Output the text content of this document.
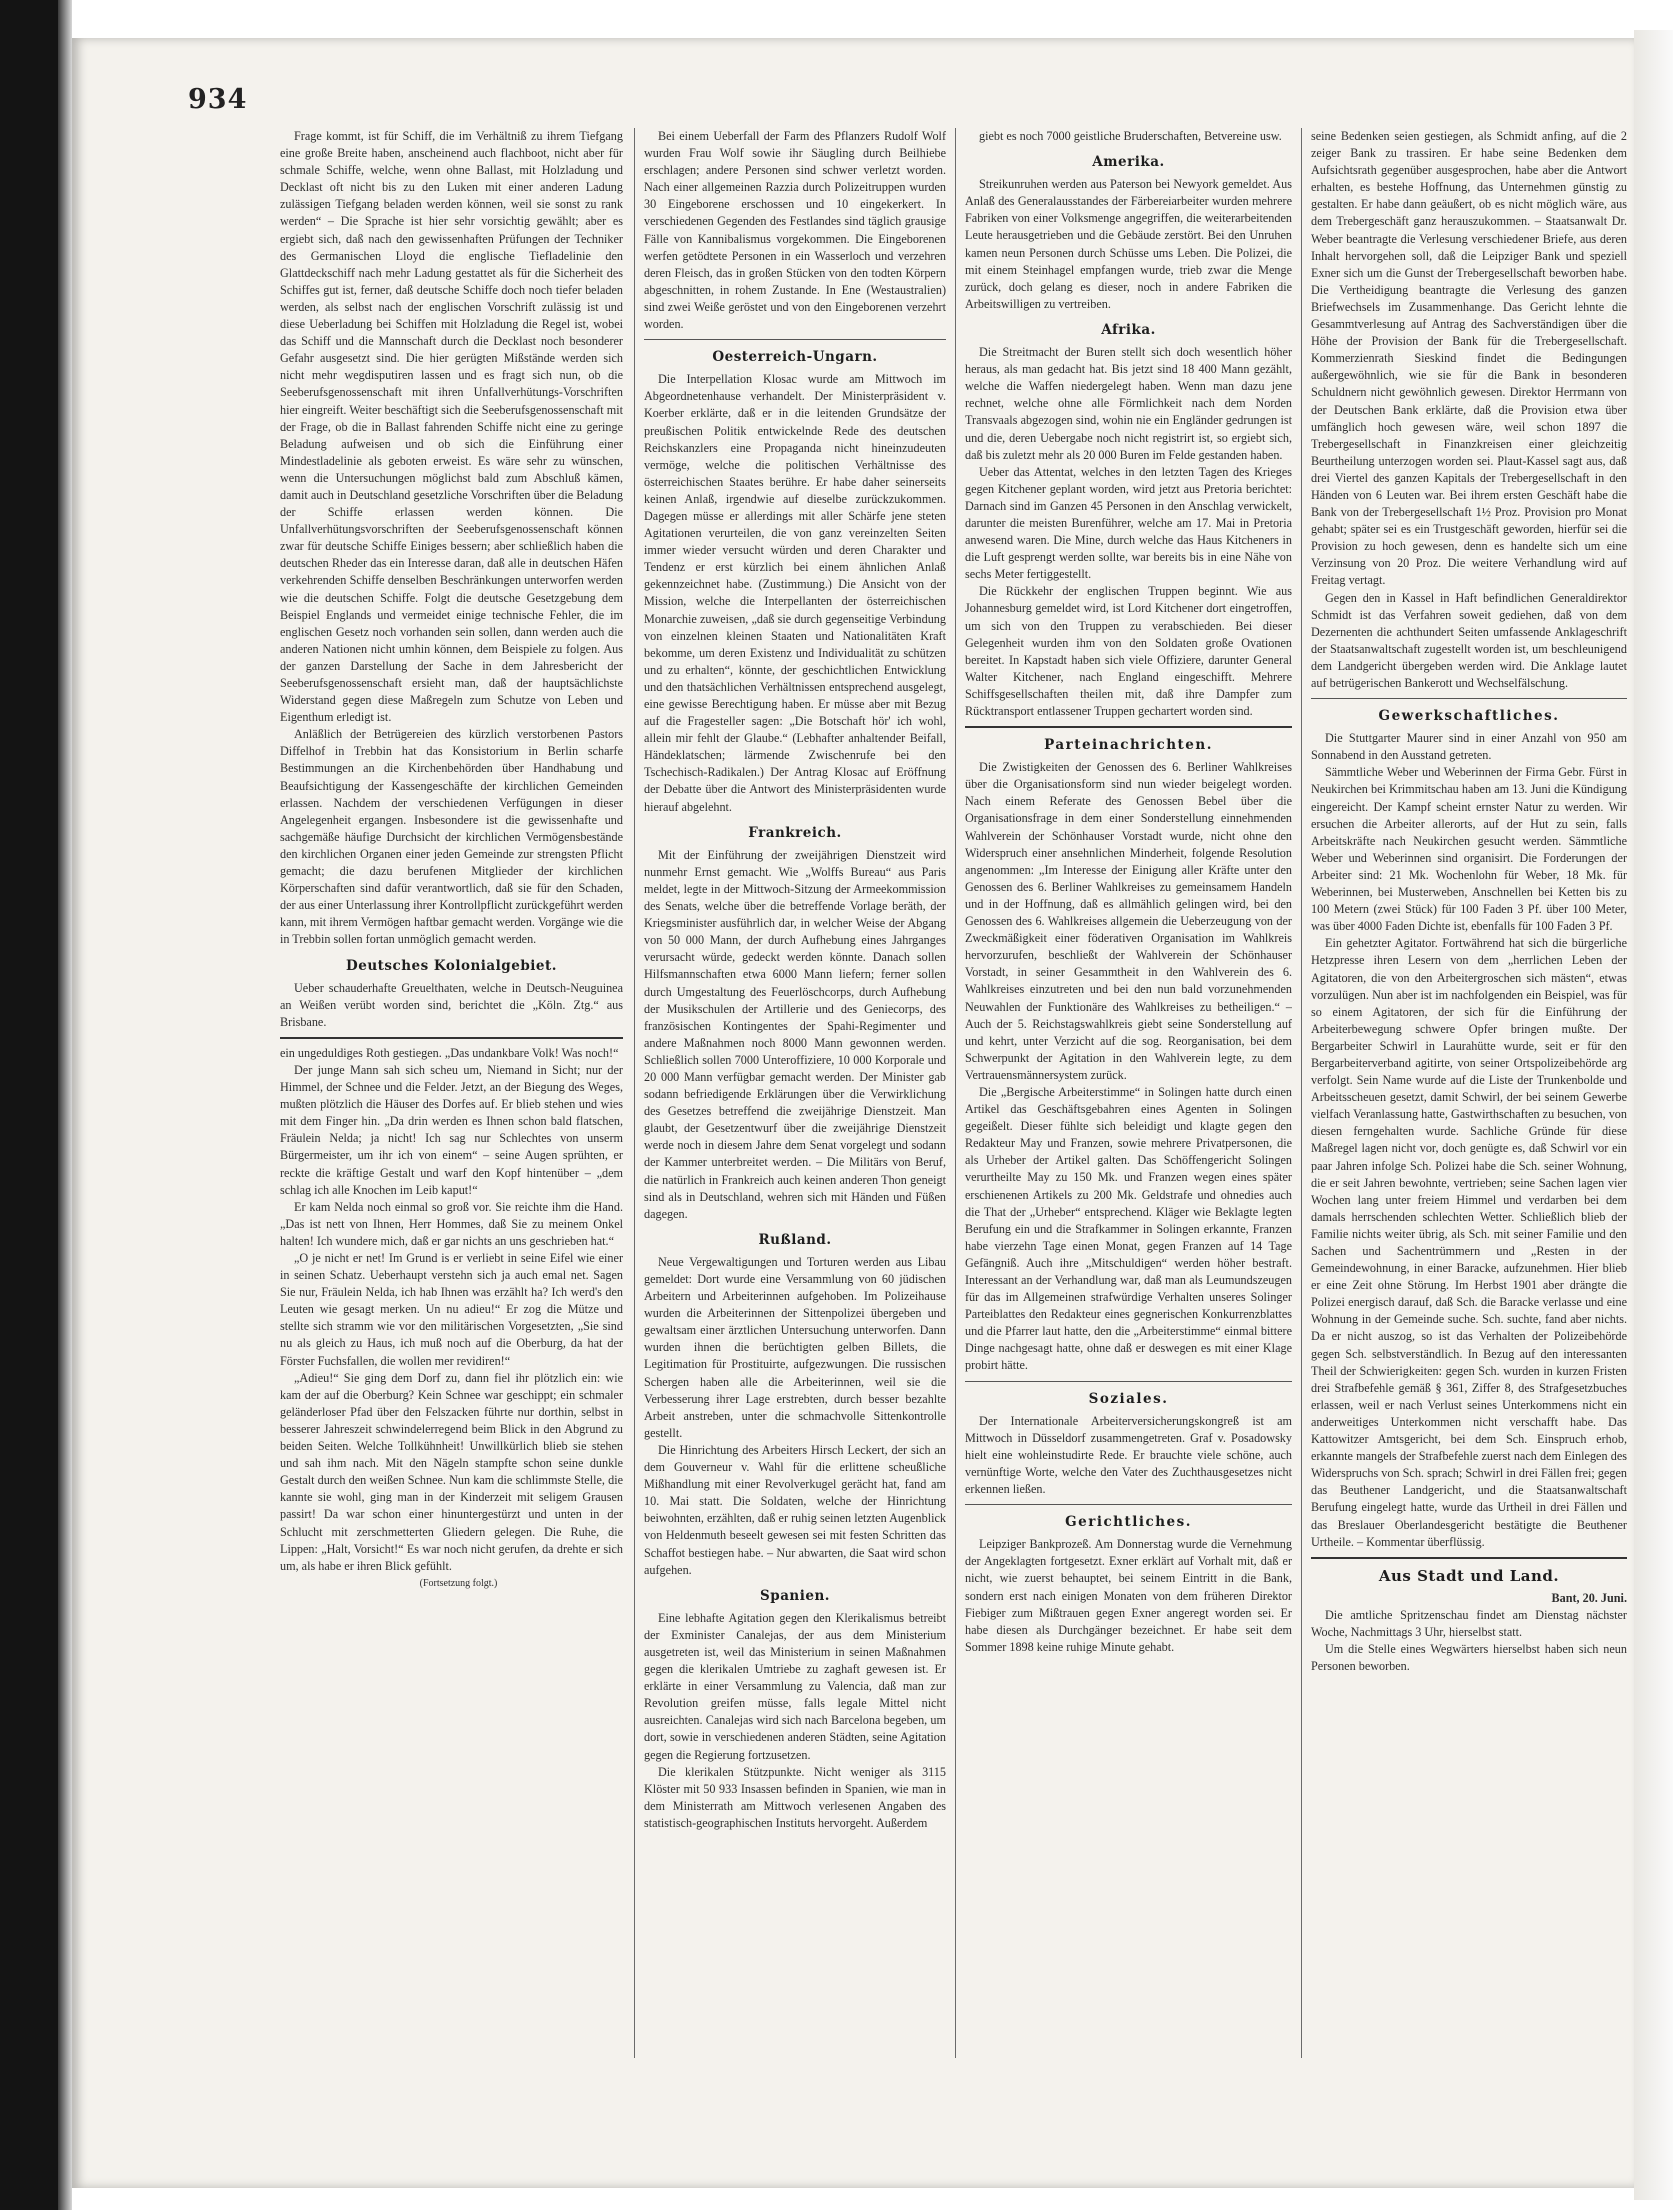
934

Frage kommt, ist für Schiff, die im Verhältniß zu ihrem Tiefgang eine große Breite haben, anscheinend auch flachboot, nicht aber für schmale Schiffe, welche, wenn ohne Ballast, mit Holzladung und Decklast oft nicht bis zu den Luken mit einer anderen Ladung zulässigen Tiefgang beladen werden können, weil sie sonst zu rank werden“ – Die Sprache ist hier sehr vorsichtig gewählt; aber es ergiebt sich, daß nach den gewissenhaften Prüfungen der Techniker des Germanischen Lloyd die englische Tiefladelinie den Glattdeckschiff nach mehr Ladung gestattet als für die Sicherheit des Schiffes gut ist, ferner, daß deutsche Schiffe doch noch tiefer beladen werden, als selbst nach der englischen Vorschrift zulässig ist und diese Ueberladung bei Schiffen mit Holzladung die Regel ist, wobei das Schiff und die Mannschaft durch die Decklast noch besonderer Gefahr ausgesetzt sind. Die hier gerügten Mißstände werden sich nicht mehr wegdisputiren lassen und es fragt sich nun, ob die Seeberufsgenossenschaft mit ihren Unfallverhütungs-Vorschriften hier eingreift. Weiter beschäftigt sich die Seeberufsgenossenschaft mit der Frage, ob die in Ballast fahrenden Schiffe nicht eine zu geringe Beladung aufweisen und ob sich die Einführung einer Mindestladelinie als geboten erweist. Es wäre sehr zu wünschen, wenn die Untersuchungen möglichst bald zum Abschluß kämen, damit auch in Deutschland gesetzliche Vorschriften über die Beladung der Schiffe erlassen werden können. Die Unfallverhütungsvorschriften der Seeberufsgenossenschaft können zwar für deutsche Schiffe Einiges bessern; aber schließlich haben die deutschen Rheder das ein Interesse daran, daß alle in deutschen Häfen verkehrenden Schiffe denselben Beschränkungen unterworfen werden wie die deutschen Schiffe. Folgt die deutsche Gesetzgebung dem Beispiel Englands und vermeidet einige technische Fehler, die im englischen Gesetz noch vorhanden sein sollen, dann werden auch die anderen Nationen nicht umhin können, dem Beispiele zu folgen. Aus der ganzen Darstellung der Sache in dem Jahresbericht der Seeberufsgenossenschaft ersieht man, daß der hauptsächlichste Widerstand gegen diese Maßregeln zum Schutze von Leben und Eigenthum erledigt ist.

Anläßlich der Betrügereien des kürzlich verstorbenen Pastors Diffelhof in Trebbin hat das Konsistorium in Berlin scharfe Bestimmungen an die Kirchenbehörden über Handhabung und Beaufsichtigung der Kassengeschäfte der kirchlichen Gemeinden erlassen. Nachdem der verschiedenen Verfügungen in dieser Angelegenheit ergangen. Insbesondere ist die gewissenhafte und sachgemäße häufige Durchsicht der kirchlichen Vermögensbestände den kirchlichen Organen einer jeden Gemeinde zur strengsten Pflicht gemacht; die dazu berufenen Mitglieder der kirchlichen Körperschaften sind dafür verantwortlich, daß sie für den Schaden, der aus einer Unterlassung ihrer Kontrollpflicht zurückgeführt werden kann, mit ihrem Vermögen haftbar gemacht werden. Vorgänge wie die in Trebbin sollen fortan unmöglich gemacht werden.

Deutsches Kolonialgebiet.

Ueber schauderhafte Greuelthaten, welche in Deutsch-Neuguinea an Weißen verübt worden sind, berichtet die „Köln. Ztg.“ aus Brisbane.

ein ungeduldiges Roth gestiegen. „Das undankbare Volk! Was noch!“

Der junge Mann sah sich scheu um, Niemand in Sicht; nur der Himmel, der Schnee und die Felder. Jetzt, an der Biegung des Weges, mußten plötzlich die Häuser des Dorfes auf. Er blieb stehen und wies mit dem Finger hin. „Da drin werden es Ihnen schon bald flatschen, Fräulein Nelda; ja nicht! Ich sag nur Schlechtes von unserm Bürgermeister, um ihr ich von einem“ – seine Augen sprühten, er reckte die kräftige Gestalt und warf den Kopf hintenüber – „dem schlag ich alle Knochen im Leib kaput!“

Er kam Nelda noch einmal so groß vor. Sie reichte ihm die Hand. „Das ist nett von Ihnen, Herr Hommes, daß Sie zu meinem Onkel halten! Ich wundere mich, daß er gar nichts an uns geschrieben hat.“

„O je nicht er net! Im Grund is er verliebt in seine Eifel wie einer in seinen Schatz. Ueberhaupt verstehn sich ja auch emal net. Sagen Sie nur, Fräulein Nelda, ich hab Ihnen was erzählt ha? Ich werd's den Leuten wie gesagt merken. Un nu adieu!“ Er zog die Mütze und stellte sich stramm wie vor den militärischen Vorgesetzten, „Sie sind nu als gleich zu Haus, ich muß noch auf die Oberburg, da hat der Förster Fuchsfallen, die wollen mer revidiren!“

„Adieu!“ Sie ging dem Dorf zu, dann fiel ihr plötzlich ein: wie kam der auf die Oberburg? Kein Schnee war geschippt; ein schmaler geländerloser Pfad über den Felszacken führte nur dorthin, selbst in besserer Jahreszeit schwindelerregend beim Blick in den Abgrund zu beiden Seiten. Welche Tollkühnheit! Unwillkürlich blieb sie stehen und sah ihm nach. Mit den Nägeln stampfte schon seine dunkle Gestalt durch den weißen Schnee. Nun kam die schlimmste Stelle, die kannte sie wohl, ging man in der Kinderzeit mit seligem Grausen passirt! Da war schon einer hinuntergestürzt und unten in der Schlucht mit zerschmetterten Gliedern gelegen. Die Ruhe, die Lippen: „Halt, Vorsicht!“ Es war noch nicht gerufen, da drehte er sich um, als habe er ihren Blick gefühlt.

(Fortsetzung folgt.)

Bei einem Ueberfall der Farm des Pflanzers Rudolf Wolf wurden Frau Wolf sowie ihr Säugling durch Beilhiebe erschlagen; andere Personen sind schwer verletzt worden. Nach einer allgemeinen Razzia durch Polizeitruppen wurden 30 Eingeborene erschossen und 10 eingekerkert. In verschiedenen Gegenden des Festlandes sind täglich grausige Fälle von Kannibalismus vorgekommen. Die Eingeborenen werfen getödtete Personen in ein Wasserloch und verzehren deren Fleisch, das in großen Stücken von den todten Körpern abgeschnitten, in rohem Zustande. In Ene (Westaustralien) sind zwei Weiße geröstet und von den Eingeborenen verzehrt worden.

Oesterreich-Ungarn.

Die Interpellation Klosac wurde am Mittwoch im Abgeordnetenhause verhandelt. Der Ministerpräsident v. Koerber erklärte, daß er in die leitenden Grundsätze der preußischen Politik entwickelnde Rede des deutschen Reichskanzlers eine Propaganda nicht hineinzudeuten vermöge, welche die politischen Verhältnisse des österreichischen Staates berühre. Er habe daher seinerseits keinen Anlaß, irgendwie auf dieselbe zurückzukommen. Dagegen müsse er allerdings mit aller Schärfe jene steten Agitationen verurteilen, die von ganz vereinzelten Seiten immer wieder versucht würden und deren Charakter und Tendenz er erst kürzlich bei einem ähnlichen Anlaß gekennzeichnet habe. (Zustimmung.) Die Ansicht von der Mission, welche die Interpellanten der österreichischen Monarchie zuweisen, „daß sie durch gegenseitige Verbindung von einzelnen kleinen Staaten und Nationalitäten Kraft bekomme, um deren Existenz und Individualität zu schützen und zu erhalten“, könnte, der geschichtlichen Entwicklung und den thatsächlichen Verhältnissen entsprechend ausgelegt, eine gewisse Berechtigung haben. Er müsse aber mit Bezug auf die Fragesteller sagen: „Die Botschaft hör' ich wohl, allein mir fehlt der Glaube.“ (Lebhafter anhaltender Beifall, Händeklatschen; lärmende Zwischenrufe bei den Tschechisch-Radikalen.) Der Antrag Klosac auf Eröffnung der Debatte über die Antwort des Ministerpräsidenten wurde hierauf abgelehnt.

Frankreich.

Mit der Einführung der zweijährigen Dienstzeit wird nunmehr Ernst gemacht. Wie „Wolffs Bureau“ aus Paris meldet, legte in der Mittwoch-Sitzung der Armeekommission des Senats, welche über die betreffende Vorlage beräth, der Kriegsminister ausführlich dar, in welcher Weise der Abgang von 50 000 Mann, der durch Aufhebung eines Jahrganges verursacht würde, gedeckt werden könnte. Danach sollen Hilfsmannschaften etwa 6000 Mann liefern; ferner sollen durch Umgestaltung des Feuerlöschcorps, durch Aufhebung der Musikschulen der Artillerie und des Geniecorps, des französischen Kontingentes der Spahi-Regimenter und andere Maßnahmen noch 8000 Mann gewonnen werden. Schließlich sollen 7000 Unteroffiziere, 10 000 Korporale und 20 000 Mann verfügbar gemacht werden. Der Minister gab sodann befriedigende Erklärungen über die Verwirklichung des Gesetzes betreffend die zweijährige Dienstzeit. Man glaubt, der Gesetzentwurf über die zweijährige Dienstzeit werde noch in diesem Jahre dem Senat vorgelegt und sodann der Kammer unterbreitet werden. – Die Militärs von Beruf, die natürlich in Frankreich auch keinen anderen Thon geneigt sind als in Deutschland, wehren sich mit Händen und Füßen dagegen.

Rußland.

Neue Vergewaltigungen und Torturen werden aus Libau gemeldet: Dort wurde eine Versammlung von 60 jüdischen Arbeitern und Arbeiterinnen aufgehoben. Im Polizeihause wurden die Arbeiterinnen der Sittenpolizei übergeben und gewaltsam einer ärztlichen Untersuchung unterworfen. Dann wurden ihnen die berüchtigten gelben Billets, die Legitimation für Prostituirte, aufgezwungen. Die russischen Schergen haben alle die Arbeiterinnen, weil sie die Verbesserung ihrer Lage erstrebten, durch besser bezahlte Arbeit anstreben, unter die schmachvolle Sittenkontrolle gestellt.

Die Hinrichtung des Arbeiters Hirsch Leckert, der sich an dem Gouverneur v. Wahl für die erlittene scheußliche Mißhandlung mit einer Revolverkugel gerächt hat, fand am 10. Mai statt. Die Soldaten, welche der Hinrichtung beiwohnten, erzählten, daß er ruhig seinen letzten Augenblick von Heldenmuth beseelt gewesen sei mit festen Schritten das Schaffot bestiegen habe. – Nur abwarten, die Saat wird schon aufgehen.

Spanien.

Eine lebhafte Agitation gegen den Klerikalismus betreibt der Exminister Canalejas, der aus dem Ministerium ausgetreten ist, weil das Ministerium in seinen Maßnahmen gegen die klerikalen Umtriebe zu zaghaft gewesen ist. Er erklärte in einer Versammlung zu Valencia, daß man zur Revolution greifen müsse, falls legale Mittel nicht ausreichten. Canalejas wird sich nach Barcelona begeben, um dort, sowie in verschiedenen anderen Städten, seine Agitation gegen die Regierung fortzusetzen.

Die klerikalen Stützpunkte. Nicht weniger als 3115 Klöster mit 50 933 Insassen befinden in Spanien, wie man in dem Ministerrath am Mittwoch verlesenen Angaben des statistisch-geographischen Instituts hervorgeht. Außerdem

giebt es noch 7000 geistliche Bruderschaften, Betvereine usw.

Amerika.

Streikunruhen werden aus Paterson bei Newyork gemeldet. Aus Anlaß des Generalausstandes der Färbereiarbeiter wurden mehrere Fabriken von einer Volksmenge angegriffen, die weiterarbeitenden Leute herausgetrieben und die Gebäude zerstört. Bei den Unruhen kamen neun Personen durch Schüsse ums Leben. Die Polizei, die mit einem Steinhagel empfangen wurde, trieb zwar die Menge zurück, doch gelang es dieser, noch in andere Fabriken die Arbeitswilligen zu vertreiben.

Afrika.

Die Streitmacht der Buren stellt sich doch wesentlich höher heraus, als man gedacht hat. Bis jetzt sind 18 400 Mann gezählt, welche die Waffen niedergelegt haben. Wenn man dazu jene rechnet, welche ohne alle Förmlichkeit nach dem Norden Transvaals abgezogen sind, wohin nie ein Engländer gedrungen ist und die, deren Uebergabe noch nicht registrirt ist, so ergiebt sich, daß bis zuletzt mehr als 20 000 Buren im Felde gestanden haben.

Ueber das Attentat, welches in den letzten Tagen des Krieges gegen Kitchener geplant worden, wird jetzt aus Pretoria berichtet: Darnach sind im Ganzen 45 Personen in den Anschlag verwickelt, darunter die meisten Burenführer, welche am 17. Mai in Pretoria anwesend waren. Die Mine, durch welche das Haus Kitcheners in die Luft gesprengt werden sollte, war bereits bis in eine Nähe von sechs Meter fertiggestellt.

Die Rückkehr der englischen Truppen beginnt. Wie aus Johannesburg gemeldet wird, ist Lord Kitchener dort eingetroffen, um sich von den Truppen zu verabschieden. Bei dieser Gelegenheit wurden ihm von den Soldaten große Ovationen bereitet. In Kapstadt haben sich viele Offiziere, darunter General Walter Kitchener, nach England eingeschifft. Mehrere Schiffsgesellschaften theilen mit, daß ihre Dampfer zum Rücktransport entlassener Truppen gechartert worden sind.

Parteinachrichten.

Die Zwistigkeiten der Genossen des 6. Berliner Wahlkreises über die Organisationsform sind nun wieder beigelegt worden. Nach einem Referate des Genossen Bebel über die Organisationsfrage in dem einer Sonderstellung einnehmenden Wahlverein der Schönhauser Vorstadt wurde, nicht ohne den Widerspruch einer ansehnlichen Minderheit, folgende Resolution angenommen: „Im Interesse der Einigung aller Kräfte unter den Genossen des 6. Berliner Wahlkreises zu gemeinsamem Handeln und in der Hoffnung, daß es allmählich gelingen wird, bei den Genossen des 6. Wahlkreises allgemein die Ueberzeugung von der Zweckmäßigkeit einer föderativen Organisation im Wahlkreis hervorzurufen, beschließt der Wahlverein der Schönhauser Vorstadt, in seiner Gesammtheit in den Wahlverein des 6. Wahlkreises einzutreten und bei den nun bald vorzunehmenden Neuwahlen der Funktionäre des Wahlkreises zu betheiligen.“ – Auch der 5. Reichstagswahlkreis giebt seine Sonderstellung auf und kehrt, unter Verzicht auf die sog. Reorganisation, bei dem Schwerpunkt der Agitation in den Wahlverein legte, zu dem Vertrauensmännersystem zurück.

Die „Bergische Arbeiterstimme“ in Solingen hatte durch einen Artikel das Geschäftsgebahren eines Agenten in Solingen gegeißelt. Dieser fühlte sich beleidigt und klagte gegen den Redakteur May und Franzen, sowie mehrere Privatpersonen, die als Urheber der Artikel galten. Das Schöffengericht Solingen verurtheilte May zu 150 Mk. und Franzen wegen eines später erschienenen Artikels zu 200 Mk. Geldstrafe und ohnedies auch die That der „Urheber“ entsprechend. Kläger wie Beklagte legten Berufung ein und die Strafkammer in Solingen erkannte, Franzen habe vierzehn Tage einen Monat, gegen Franzen auf 14 Tage Gefängniß. Auch ihre „Mitschuldigen“ werden höher bestraft. Interessant an der Verhandlung war, daß man als Leumundszeugen für das im Allgemeinen strafwürdige Verhalten unseres Solinger Parteiblattes den Redakteur eines gegnerischen Konkurrenzblattes und die Pfarrer laut hatte, den die „Arbeiterstimme“ einmal bittere Dinge nachgesagt hatte, ohne daß er deswegen es mit einer Klage probirt hätte.

Soziales.

Der Internationale Arbeiterversicherungskongreß ist am Mittwoch in Düsseldorf zusammengetreten. Graf v. Posadowsky hielt eine wohleinstudirte Rede. Er brauchte viele schöne, auch vernünftige Worte, welche den Vater des Zuchthausgesetzes nicht erkennen ließen.

Gerichtliches.

Leipziger Bankprozeß. Am Donnerstag wurde die Vernehmung der Angeklagten fortgesetzt. Exner erklärt auf Vorhalt mit, daß er nicht, wie zuerst behauptet, bei seinem Eintritt in die Bank, sondern erst nach einigen Monaten von dem früheren Direktor Fiebiger zum Mißtrauen gegen Exner angeregt worden sei. Er habe diesen als Durchgänger bezeichnet. Er habe seit dem Sommer 1898 keine ruhige Minute gehabt.

seine Bedenken seien gestiegen, als Schmidt anfing, auf die 2 zeiger Bank zu trassiren. Er habe seine Bedenken dem Aufsichtsrath gegenüber ausgesprochen, habe aber die Antwort erhalten, es bestehe Hoffnung, das Unternehmen günstig zu gestalten. Er habe dann geäußert, ob es nicht möglich wäre, aus dem Trebergeschäft ganz herauszukommen. – Staatsanwalt Dr. Weber beantragte die Verlesung verschiedener Briefe, aus deren Inhalt hervorgehen soll, daß die Leipziger Bank und speziell Exner sich um die Gunst der Trebergesellschaft beworben habe. Die Vertheidigung beantragte die Verlesung des ganzen Briefwechsels im Zusammenhange. Das Gericht lehnte die Gesammtverlesung auf Antrag des Sachverständigen über die Höhe der Provision der Bank für die Trebergesellschaft. Kommerzienrath Sieskind findet die Bedingungen außergewöhnlich, wie sie für die Bank in besonderen Schuldnern nicht gewöhnlich gewesen. Direktor Herrmann von der Deutschen Bank erklärte, daß die Provision etwa über umfänglich hoch gewesen wäre, weil schon 1897 die Trebergesellschaft in Finanzkreisen einer gleichzeitig Beurtheilung unterzogen worden sei. Plaut-Kassel sagt aus, daß drei Viertel des ganzen Kapitals der Trebergesellschaft in den Händen von 6 Leuten war. Bei ihrem ersten Geschäft habe die Bank von der Trebergesellschaft 1½ Proz. Provision pro Monat gehabt; später sei es ein Trustgeschäft geworden, hierfür sei die Provision zu hoch gewesen, denn es handelte sich um eine Verzinsung von 20 Proz. Die weitere Verhandlung wird auf Freitag vertagt.

Gegen den in Kassel in Haft befindlichen Generaldirektor Schmidt ist das Verfahren soweit gediehen, daß von dem Dezernenten die achthundert Seiten umfassende Anklageschrift der Staatsanwaltschaft zugestellt worden ist, um beschleunigend dem Landgericht übergeben werden wird. Die Anklage lautet auf betrügerischen Bankerott und Wechselfälschung.

Gewerkschaftliches.

Die Stuttgarter Maurer sind in einer Anzahl von 950 am Sonnabend in den Ausstand getreten.

Sämmtliche Weber und Weberinnen der Firma Gebr. Fürst in Neukirchen bei Krimmitschau haben am 13. Juni die Kündigung eingereicht. Der Kampf scheint ernster Natur zu werden. Wir ersuchen die Arbeiter allerorts, auf der Hut zu sein, falls Arbeitskräfte nach Neukirchen gesucht werden. Sämmtliche Weber und Weberinnen sind organisirt. Die Forderungen der Arbeiter sind: 21 Mk. Wochenlohn für Weber, 18 Mk. für Weberinnen, bei Musterweben, Anschnellen bei Ketten bis zu 100 Metern (zwei Stück) für 100 Faden 3 Pf. über 100 Meter, was über 4000 Faden Dichte ist, ebenfalls für 100 Faden 3 Pf.

Ein gehetzter Agitator. Fortwährend hat sich die bürgerliche Hetzpresse ihren Lesern von dem „herrlichen Leben der Agitatoren, die von den Arbeitergroschen sich mästen“, etwas vorzulügen. Nun aber ist im nachfolgenden ein Beispiel, was für so einem Agitatoren, der sich für die Einführung der Arbeiterbewegung schwere Opfer bringen mußte. Der Bergarbeiter Schwirl in Laurahütte wurde, seit er für den Bergarbeiterverband agitirte, von seiner Ortspolizeibehörde arg verfolgt. Sein Name wurde auf die Liste der Trunkenbolde und Arbeitsscheuen gesetzt, damit Schwirl, der bei seinem Gewerbe vielfach Veranlassung hatte, Gastwirthschaften zu besuchen, von diesen ferngehalten wurde. Sachliche Gründe für diese Maßregel lagen nicht vor, doch genügte es, daß Schwirl vor ein paar Jahren infolge Sch. Polizei habe die Sch. seiner Wohnung, die er seit Jahren bewohnte, vertrieben; seine Sachen lagen vier Wochen lang unter freiem Himmel und verdarben bei dem damals herrschenden schlechten Wetter. Schließlich blieb der Familie nichts weiter übrig, als Sch. mit seiner Familie und den Sachen und Sachentrümmern und „Resten in der Gemeindewohnung, in einer Baracke, aufzunehmen. Hier blieb er eine Zeit ohne Störung. Im Herbst 1901 aber drängte die Polizei energisch darauf, daß Sch. die Baracke verlasse und eine Wohnung in der Gemeinde suche. Sch. suchte, fand aber nichts. Da er nicht auszog, so ist das Verhalten der Polizeibehörde gegen Sch. selbstverständlich. In Bezug auf den interessanten Theil der Schwierigkeiten: gegen Sch. wurden in kurzen Fristen drei Strafbefehle gemäß § 361, Ziffer 8, des Strafgesetzbuches erlassen, weil er nach Verlust seines Unterkommens nicht ein anderweitiges Unterkommen nicht verschafft habe. Das Kattowitzer Amtsgericht, bei dem Sch. Einspruch erhob, erkannte mangels der Strafbefehle zuerst nach dem Einlegen des Widerspruchs von Sch. sprach; Schwirl in drei Fällen frei; gegen das Beuthener Landgericht, und die Staatsanwaltschaft Berufung eingelegt hatte, wurde das Urtheil in drei Fällen und das Breslauer Oberlandesgericht bestätigte die Beuthener Urtheile. – Kommentar überflüssig.

Aus Stadt und Land.
Bant, 20. Juni.

Die amtliche Spritzenschau findet am Dienstag nächster Woche, Nachmittags 3 Uhr, hierselbst statt.

Um die Stelle eines Wegwärters hierselbst haben sich neun Personen beworben.
